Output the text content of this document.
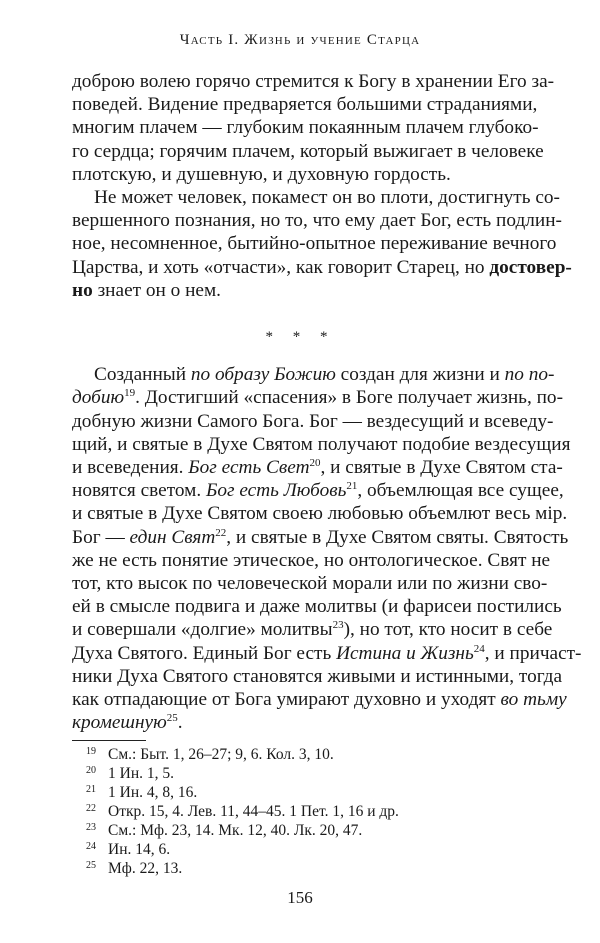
Часть I. Жизнь и учение Старца
доброю волею горячо стремится к Богу в хранении Его за-
поведей. Видение предваряется большими страданиями,
многим плачем — глубоким покаянным плачем глубоко-
го сердца; горячим плачем, который выжигает в человеке
плотскую, и душевную, и духовную гордость.
Не может человек, покамест он во плоти, достигнуть со-
вершенного познания, но то, что ему дает Бог, есть подлин-
ное, несомненное, бытийно-опытное переживание вечного
Царства, и хоть «отчасти», как говорит Старец, но достовер-
но знает он о нем.
* * *
Созданный по образу Божию создан для жизни и по по-
добию$^{19}$. Достигший «спасения» в Боге получает жизнь, по-
добную жизни Самого Бога. Бог — вездесущий и всеведу-
щий, и святые в Духе Святом получают подобие вездесущия
и всеведения. Бог есть Свет$^{20}$, и святые в Духе Святом ста-
новятся светом. Бог есть Любовь$^{21}$, объемлющая все сущее,
и святые в Духе Святом своею любовью объемлют весь мiр.
Бог — един Свят$^{22}$, и святые в Духе Святом святы. Святость
же не есть понятие этическое, но онтологическое. Свят не
тот, кто высок по человеческой морали или по жизни сво-
ей в смысле подвига и даже молитвы (и фарисеи постились
и совершали «долгие» молитвы$^{23}$), но тот, кто носит в себе
Духа Святого. Единый Бог есть Истина и Жизнь$^{24}$, и причаст-
ники Духа Святого становятся живыми и истинными, тогда
как отпадающие от Бога умирают духовно и уходят во тьму
кромешную$^{25}$.
19 См.: Быт. 1, 26–27; 9, 6. Кол. 3, 10.
20 1 Ин. 1, 5.
21 1 Ин. 4, 8, 16.
22 Откр. 15, 4. Лев. 11, 44–45. 1 Пет. 1, 16 и др.
23 См.: Мф. 23, 14. Мк. 12, 40. Лк. 20, 47.
24 Ин. 14, 6.
25 Мф. 22, 13.
156
